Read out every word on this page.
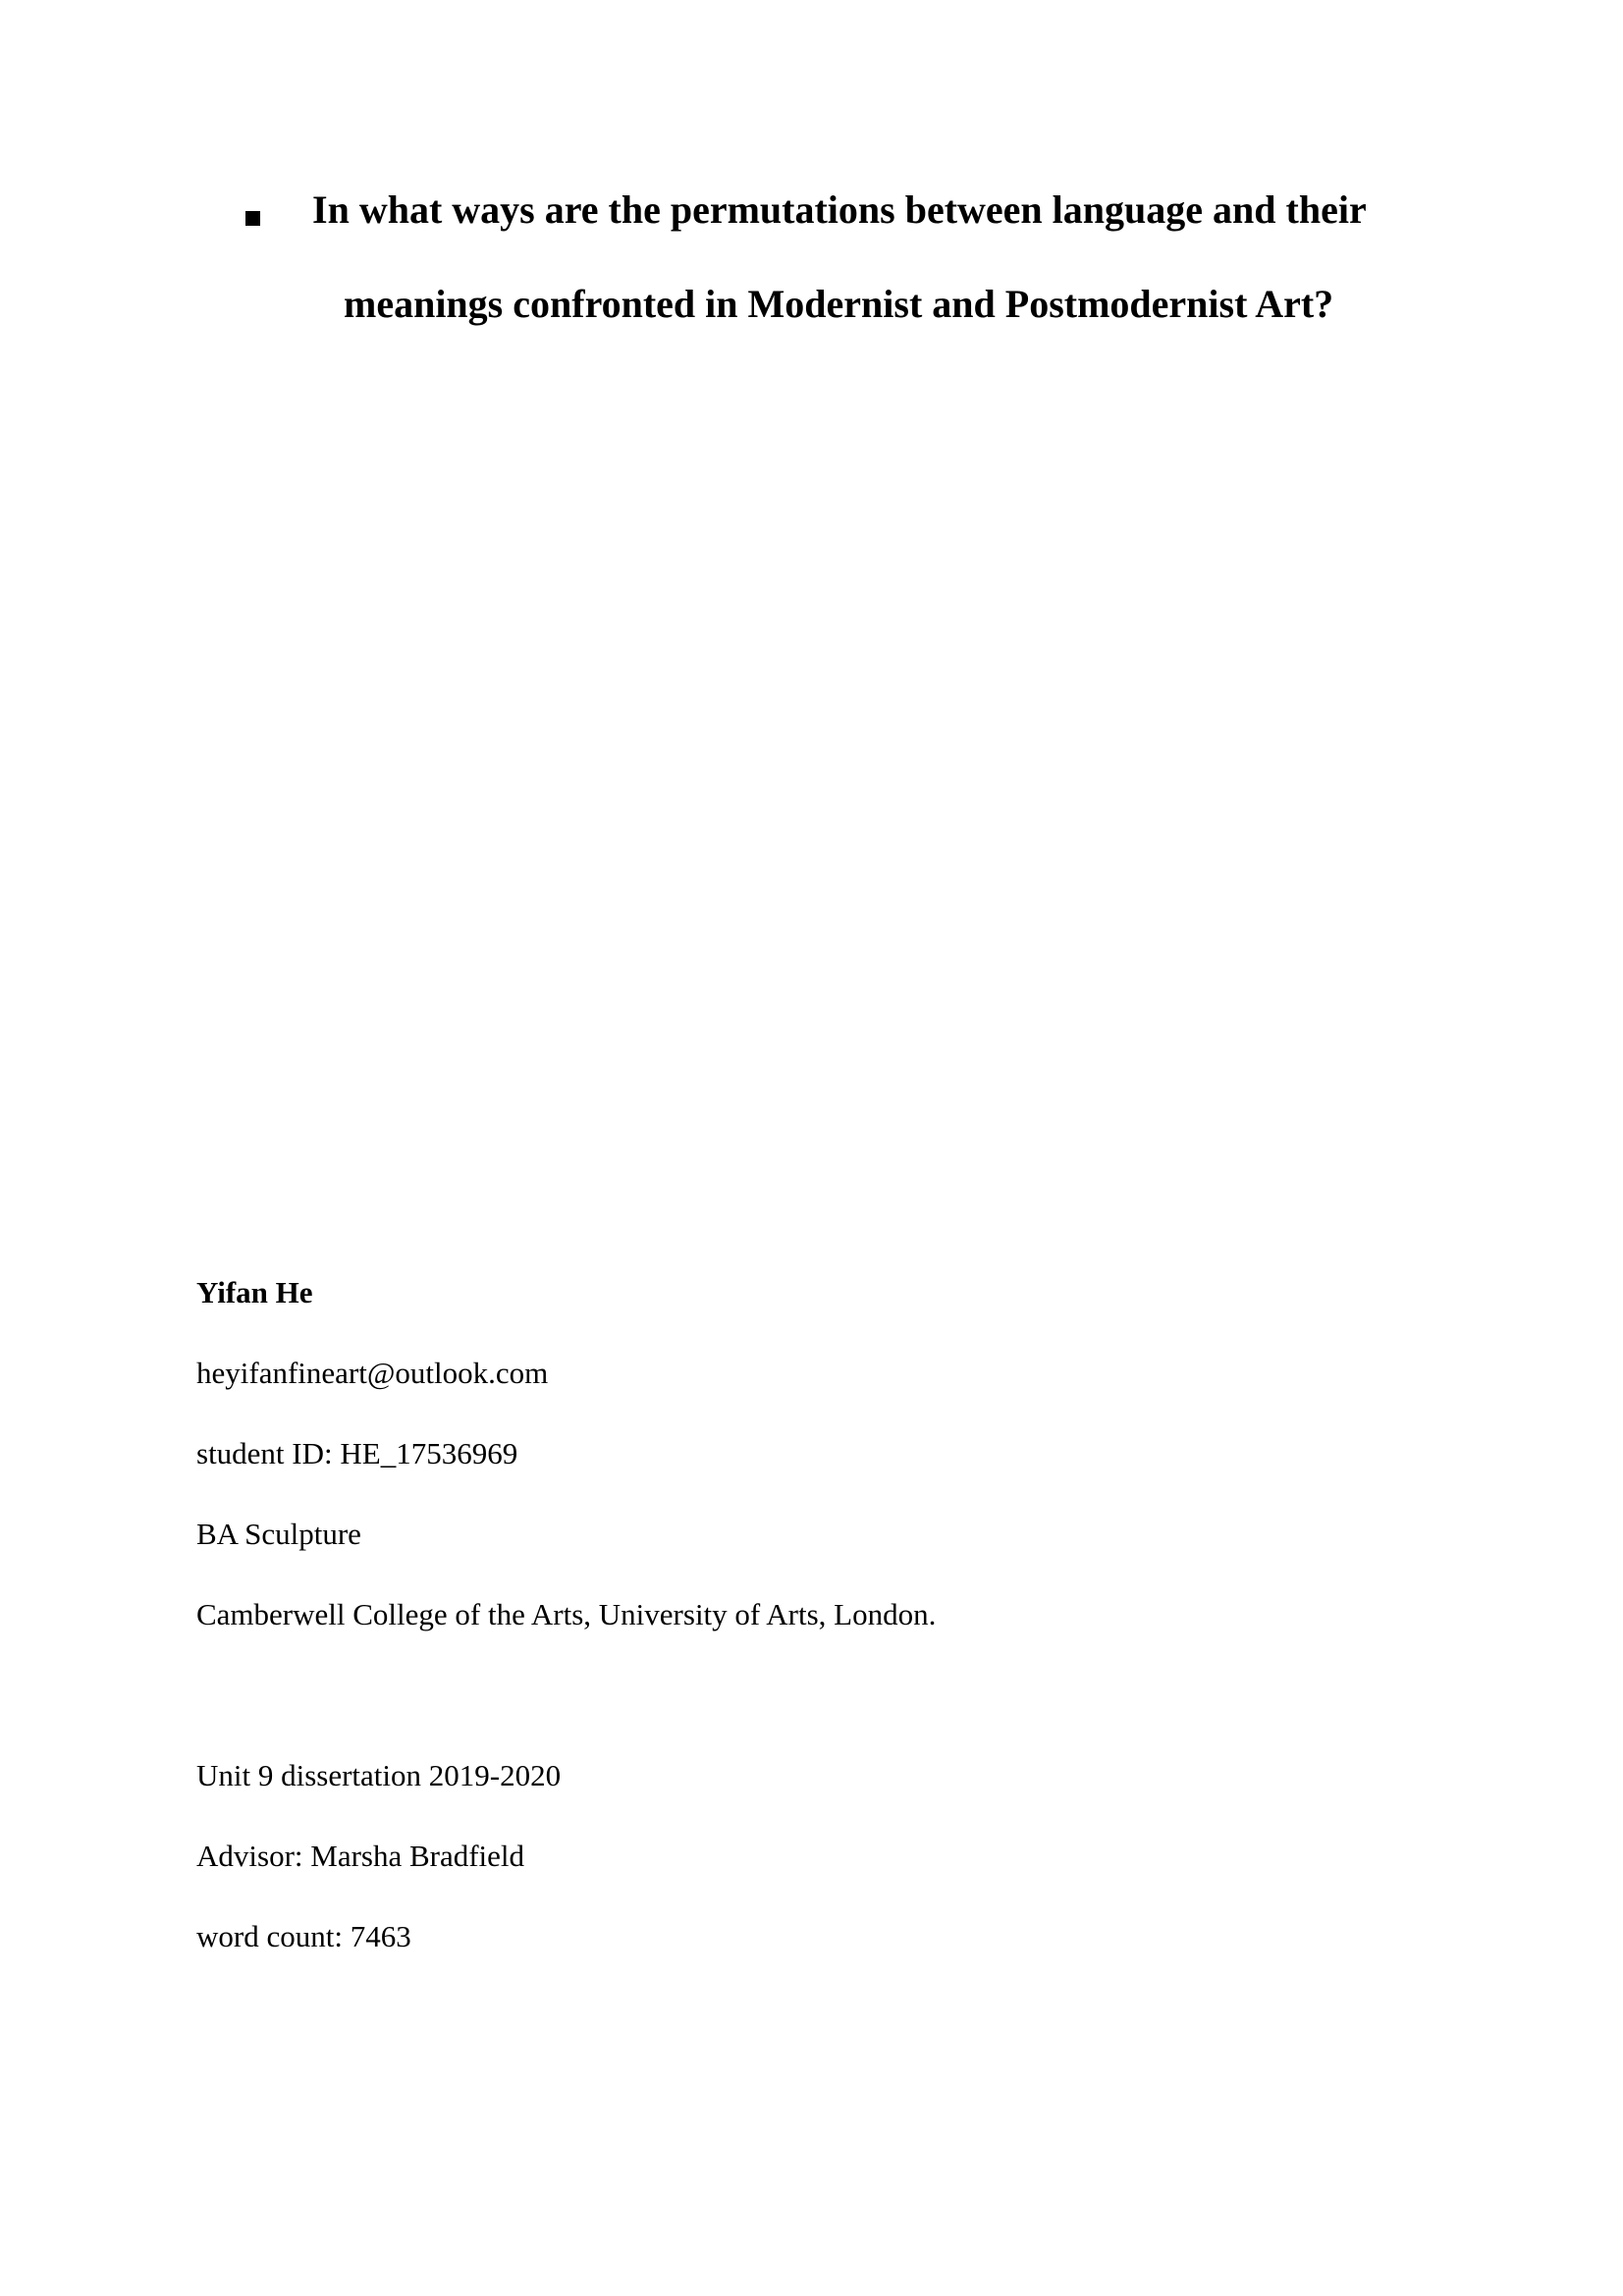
In what ways are the permutations between language and their
meanings confronted in Modernist and Postmodernist Art?
Yifan He
heyifanfineart@outlook.com
student ID: HE_17536969
BA Sculpture
Camberwell College of the Arts, University of Arts, London.
Unit 9 dissertation 2019-2020
Advisor: Marsha Bradfield
word count: 7463
